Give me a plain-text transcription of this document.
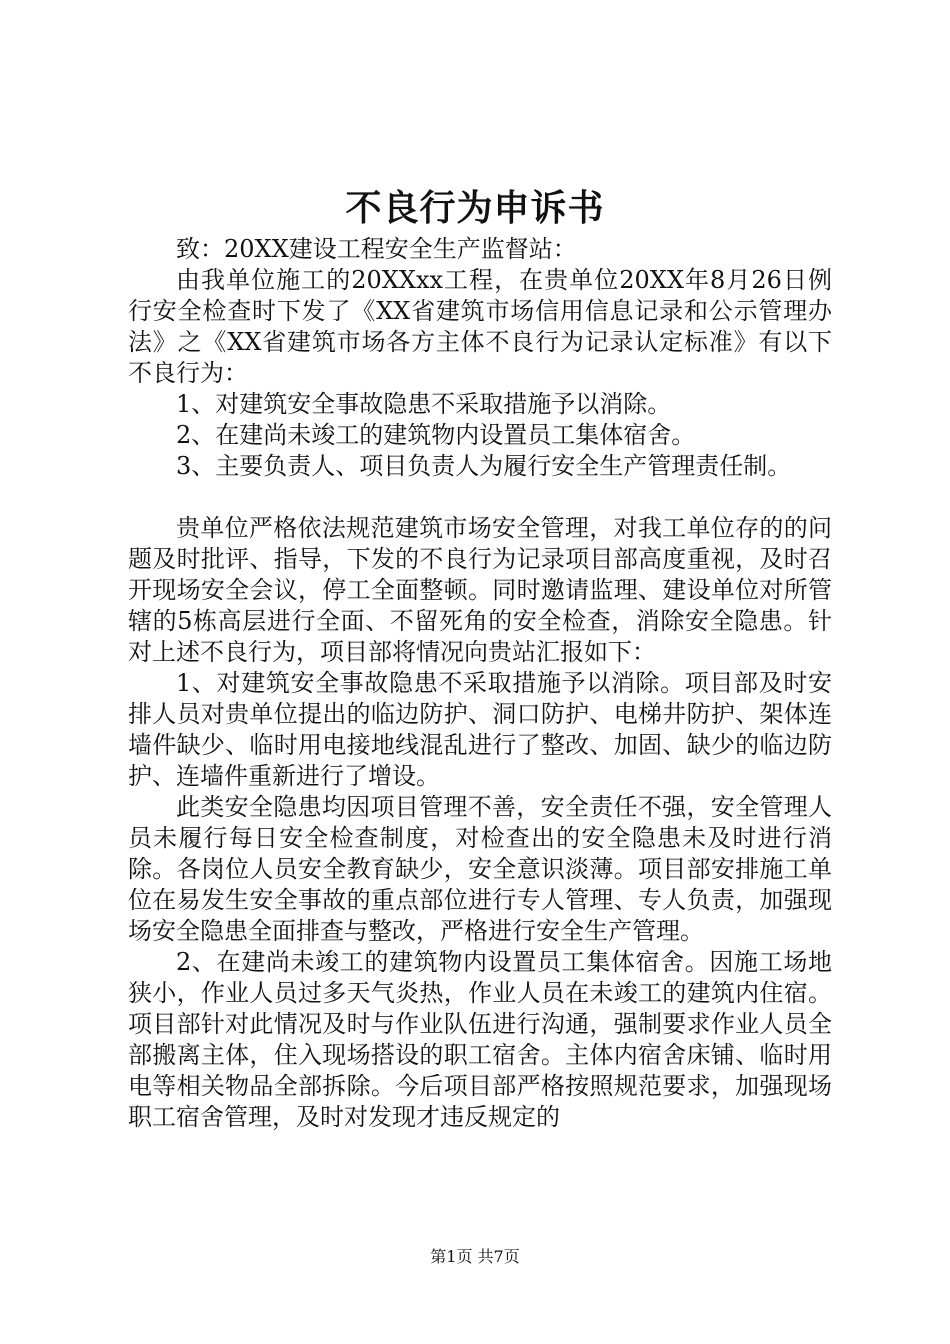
不良行为申诉书

致：20XX建设工程安全生产监督站：

由我单位施工的20XXxx工程，在贵单位20XX年8月26日例行安全检查时下发了《XX省建筑市场信用信息记录和公示管理办法》之《XX省建筑市场各方主体不良行为记录认定标准》有以下不良行为：

1、对建筑安全事故隐患不采取措施予以消除。

2、在建尚未竣工的建筑物内设置员工集体宿舍。

3、主要负责人、项目负责人为履行安全生产管理责任制。

贵单位严格依法规范建筑市场安全管理，对我工单位存的的问题及时批评、指导，下发的不良行为记录项目部高度重视，及时召开现场安全会议，停工全面整顿。同时邀请监理、建设单位对所管辖的5栋高层进行全面、不留死角的安全检查，消除安全隐患。针对上述不良行为，项目部将情况向贵站汇报如下：

1、对建筑安全事故隐患不采取措施予以消除。项目部及时安排人员对贵单位提出的临边防护、洞口防护、电梯井防护、架体连墙件缺少、临时用电接地线混乱进行了整改、加固、缺少的临边防护、连墙件重新进行了增设。

此类安全隐患均因项目管理不善，安全责任不强，安全管理人员未履行每日安全检查制度，对检查出的安全隐患未及时进行消除。各岗位人员安全教育缺少，安全意识淡薄。项目部安排施工单位在易发生安全事故的重点部位进行专人管理、专人负责，加强现场安全隐患全面排查与整改，严格进行安全生产管理。

2、在建尚未竣工的建筑物内设置员工集体宿舍。因施工场地狭小，作业人员过多天气炎热，作业人员在未竣工的建筑内住宿。项目部针对此情况及时与作业队伍进行沟通，强制要求作业人员全部搬离主体，住入现场搭设的职工宿舍。主体内宿舍床铺、临时用电等相关物品全部拆除。今后项目部严格按照规范要求，加强现场职工宿舍管理，及时对发现才违反规定的

第1页 共7页
